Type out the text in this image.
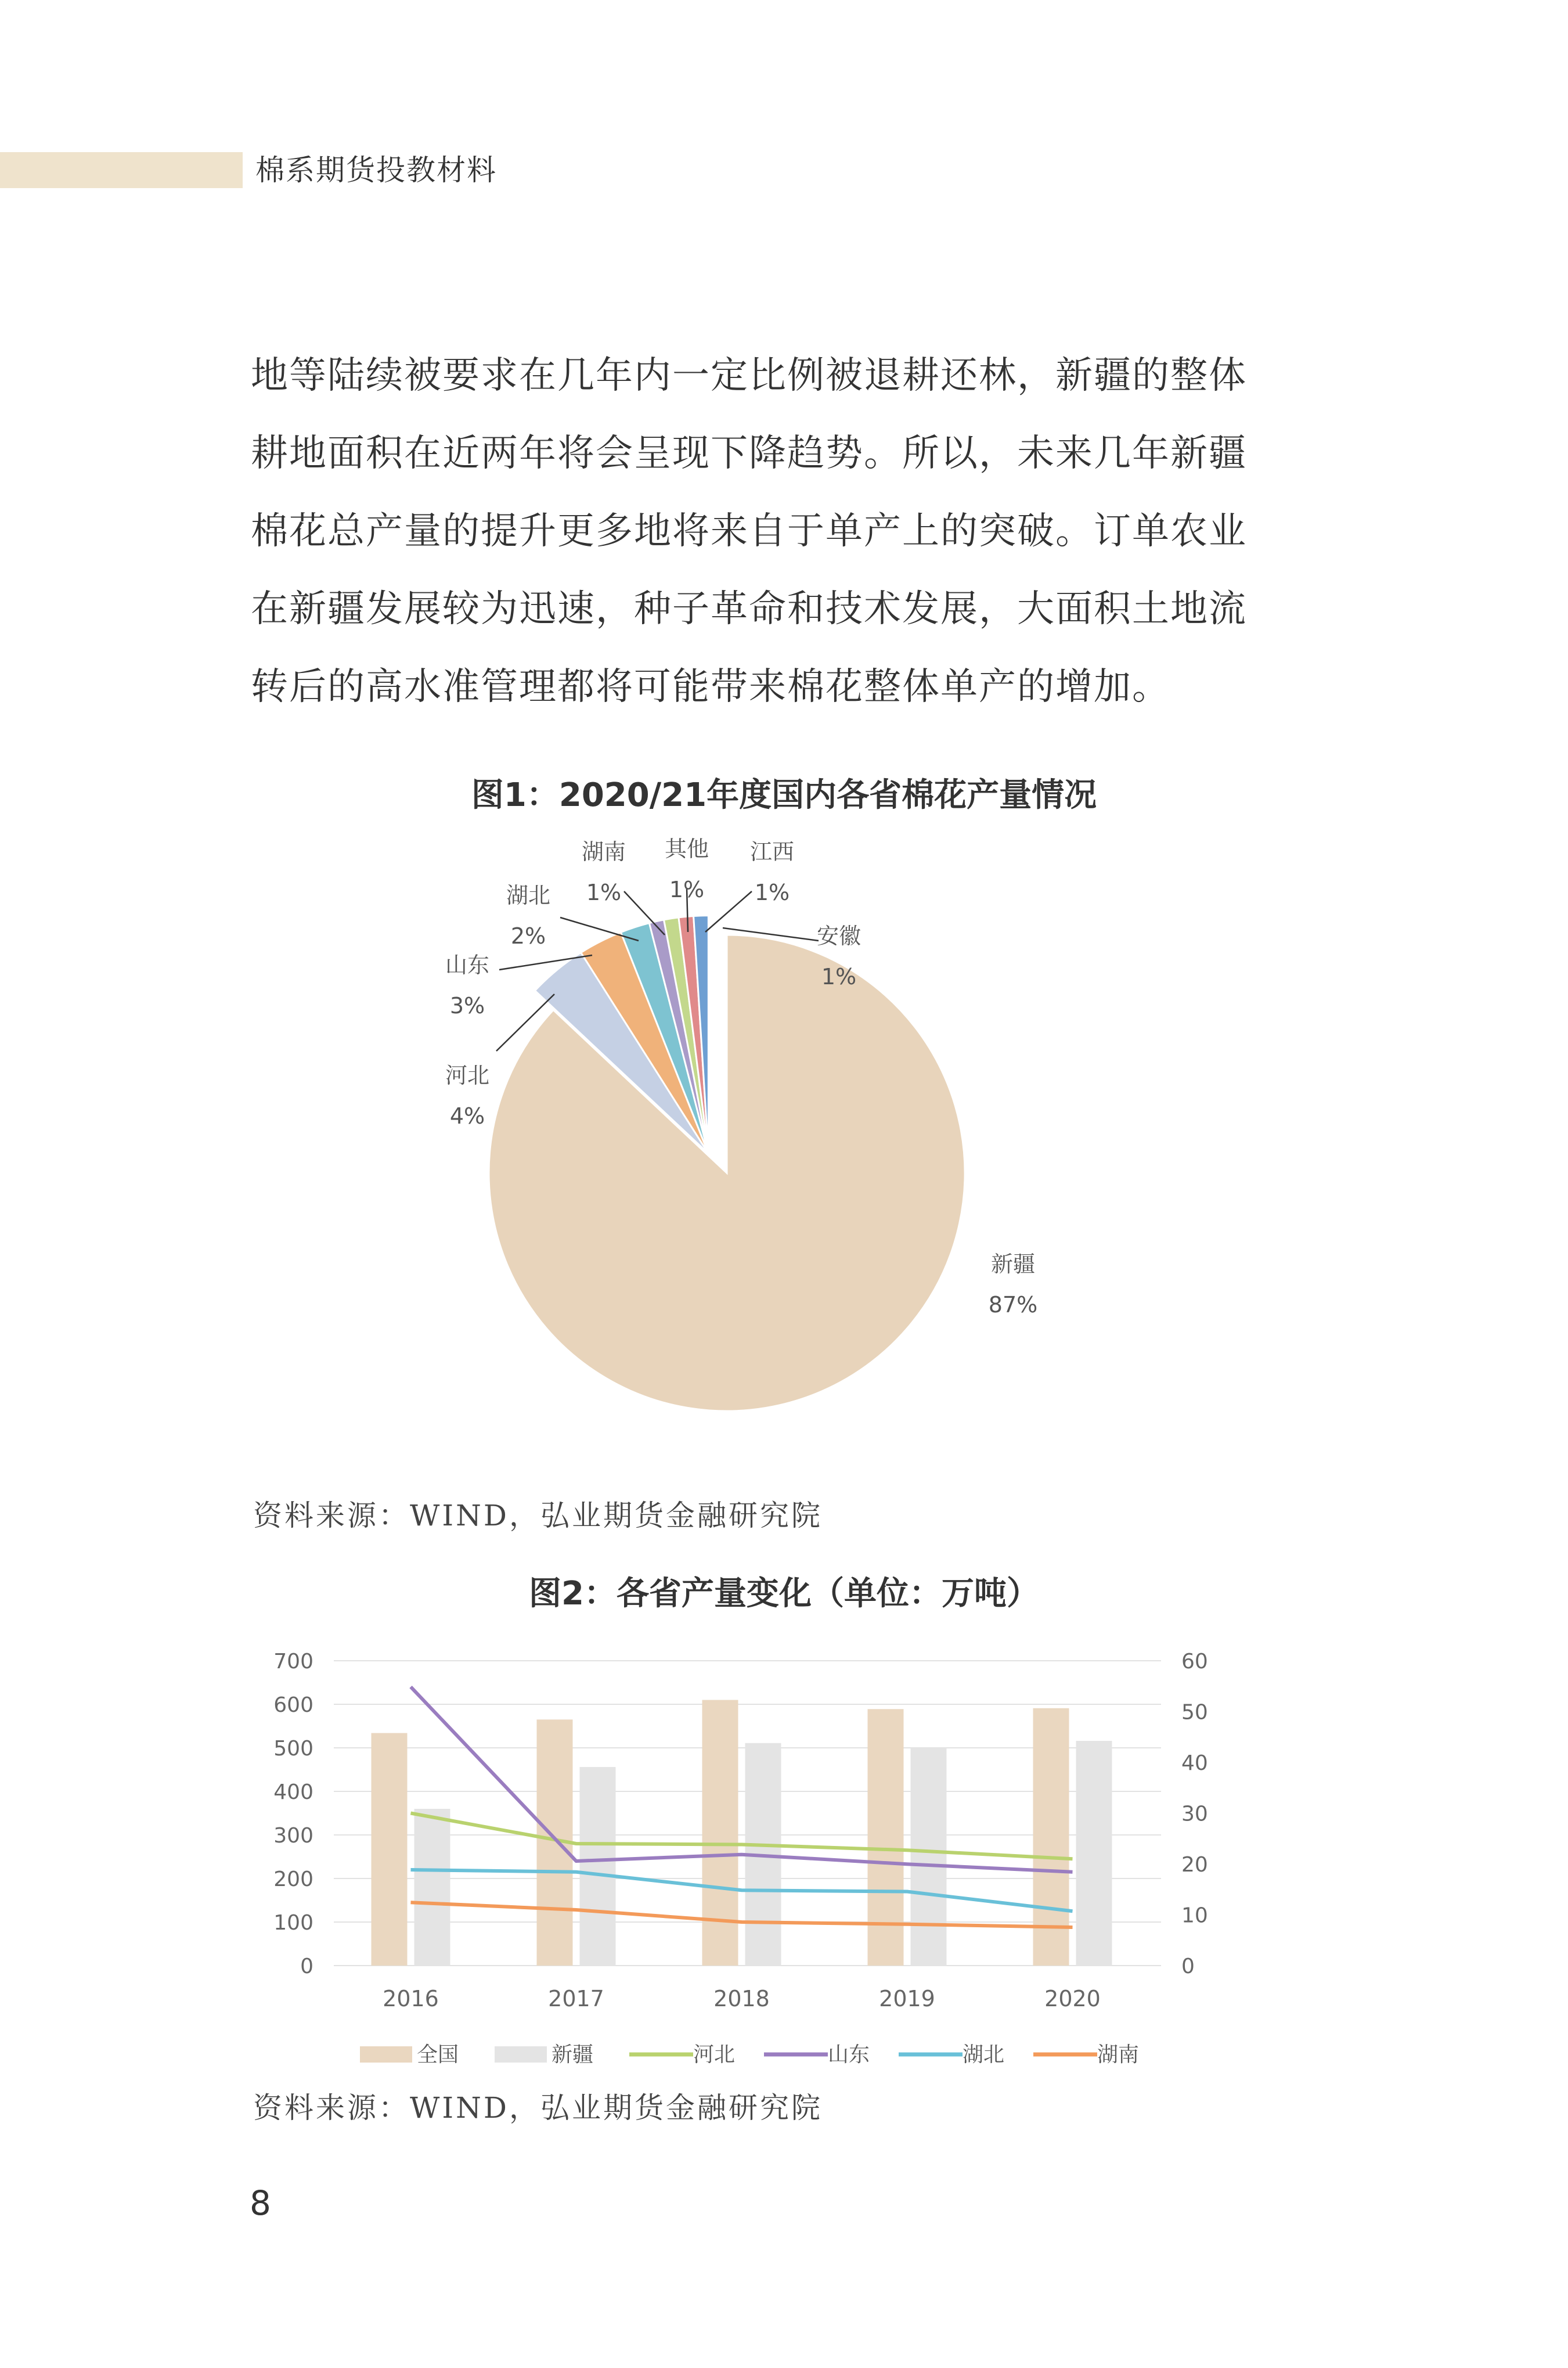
棉系期货投教材料

地等陆续被要求在几年内一定比例被退耕还林，新疆的整体

耕地面积在近两年将会呈现下降趋势。所以，未来几年新疆

棉花总产量的提升更多地将来自于单产上的突破。订单农业

在新疆发展较为迅速，种子革命和技术发展，大面积土地流

转后的高水准管理都将可能带来棉花整体单产的增加。

图1：2020/21年度国内各省棉花产量情况
新疆
87%
河北
4%
山东
3%
湖北
2%
湖南
1%
其他
1%
江西
1%
安徽
1%
资料来源：WIND，弘业期货金融研究院
图2：各省产量变化（单位：万吨）
0
100
200
300
400
500
600
700
0
10
20
30
40
50
60
2016	2017	2018	2019	2020
全国	新疆	河北	山东	湖北	湖南
资料来源：WIND，弘业期货金融研究院
8
